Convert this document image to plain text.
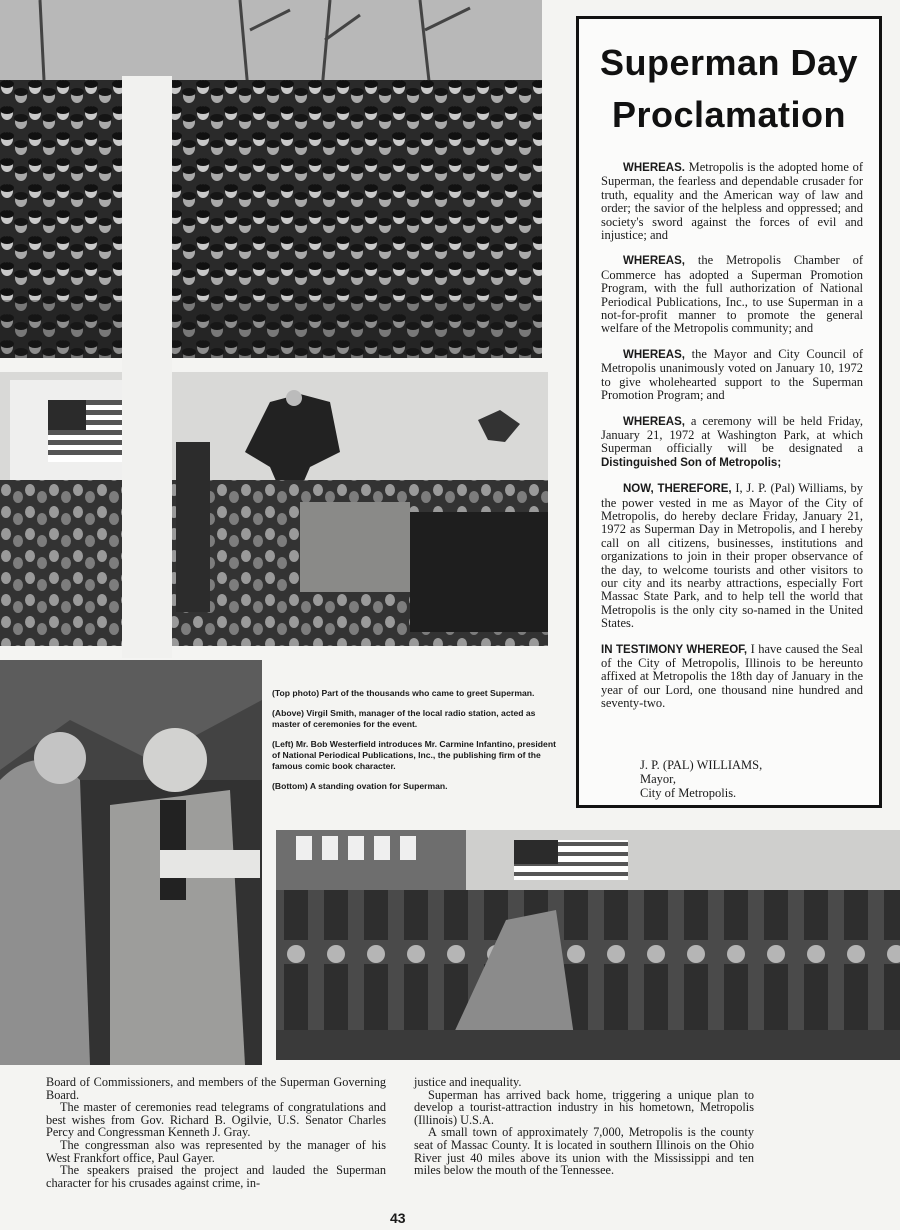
Superman Day
Proclamation

WHEREAS. Metropolis is the adopted home of Superman, the fearless and dependable crusader for truth, equality and the American way of law and order; the savior of the helpless and oppressed; and society's sword against the forces of evil and injustice; and

WHEREAS, the Metropolis Chamber of Commerce has adopted a Superman Promotion Program, with the full authorization of National Periodical Publications, Inc., to use Superman in a not-for-profit manner to promote the general welfare of the Metropolis community; and

WHEREAS, the Mayor and City Council of Metropolis unanimously voted on January 10, 1972 to give wholehearted support to the Superman Promotion Program; and

WHEREAS, a ceremony will be held Friday, January 21, 1972 at Washington Park, at which Superman officially will be designated a Distinguished Son of Metropolis;

NOW, THEREFORE, I, J. P. (Pal) Williams, by the power vested in me as Mayor of the City of Metropolis, do hereby declare Friday, January 21, 1972 as Superman Day in Metropolis, and I hereby call on all citizens, businesses, institutions and organizations to join in their proper observance of the day, to welcome tourists and other visitors to our city and its nearby attractions, especially Fort Massac State Park, and to help tell the world that Metropolis is the only city so-named in the United States.

IN TESTIMONY WHEREOF, I have caused the Seal of the City of Metropolis, Illinois to be hereunto affixed at Metropolis the 18th day of January in the year of our Lord, one thousand nine hundred and seventy-two.

J. P. (PAL) WILLIAMS,
Mayor,
City of Metropolis.

(Top photo) Part of the thousands who came to greet Superman.

(Above) Virgil Smith, manager of the local radio station, acted as master of ceremonies for the event.

(Left) Mr. Bob Westerfield introduces Mr. Carmine Infantino, president of National Periodical Publications, Inc., the publishing firm of the famous comic book character.

(Bottom) A standing ovation for Superman.

Board of Commissioners, and members of the Superman Governing Board.

The master of ceremonies read telegrams of congratulations and best wishes from Gov. Richard B. Ogilvie, U.S. Senator Charles Percy and Congressman Kenneth J. Gray.

The congressman also was represented by the manager of his West Frankfort office, Paul Gayer.

The speakers praised the project and lauded the Superman character for his crusades against crime, in-

justice and inequality.

Superman has arrived back home, triggering a unique plan to develop a tourist-attraction industry in his hometown, Metropolis (Illinois) U.S.A.

A small town of approximately 7,000, Metropolis is the county seat of Massac County. It is located in southern Illinois on the Ohio River just 40 miles above its union with the Mississippi and ten miles below the mouth of the Tennessee.

43
